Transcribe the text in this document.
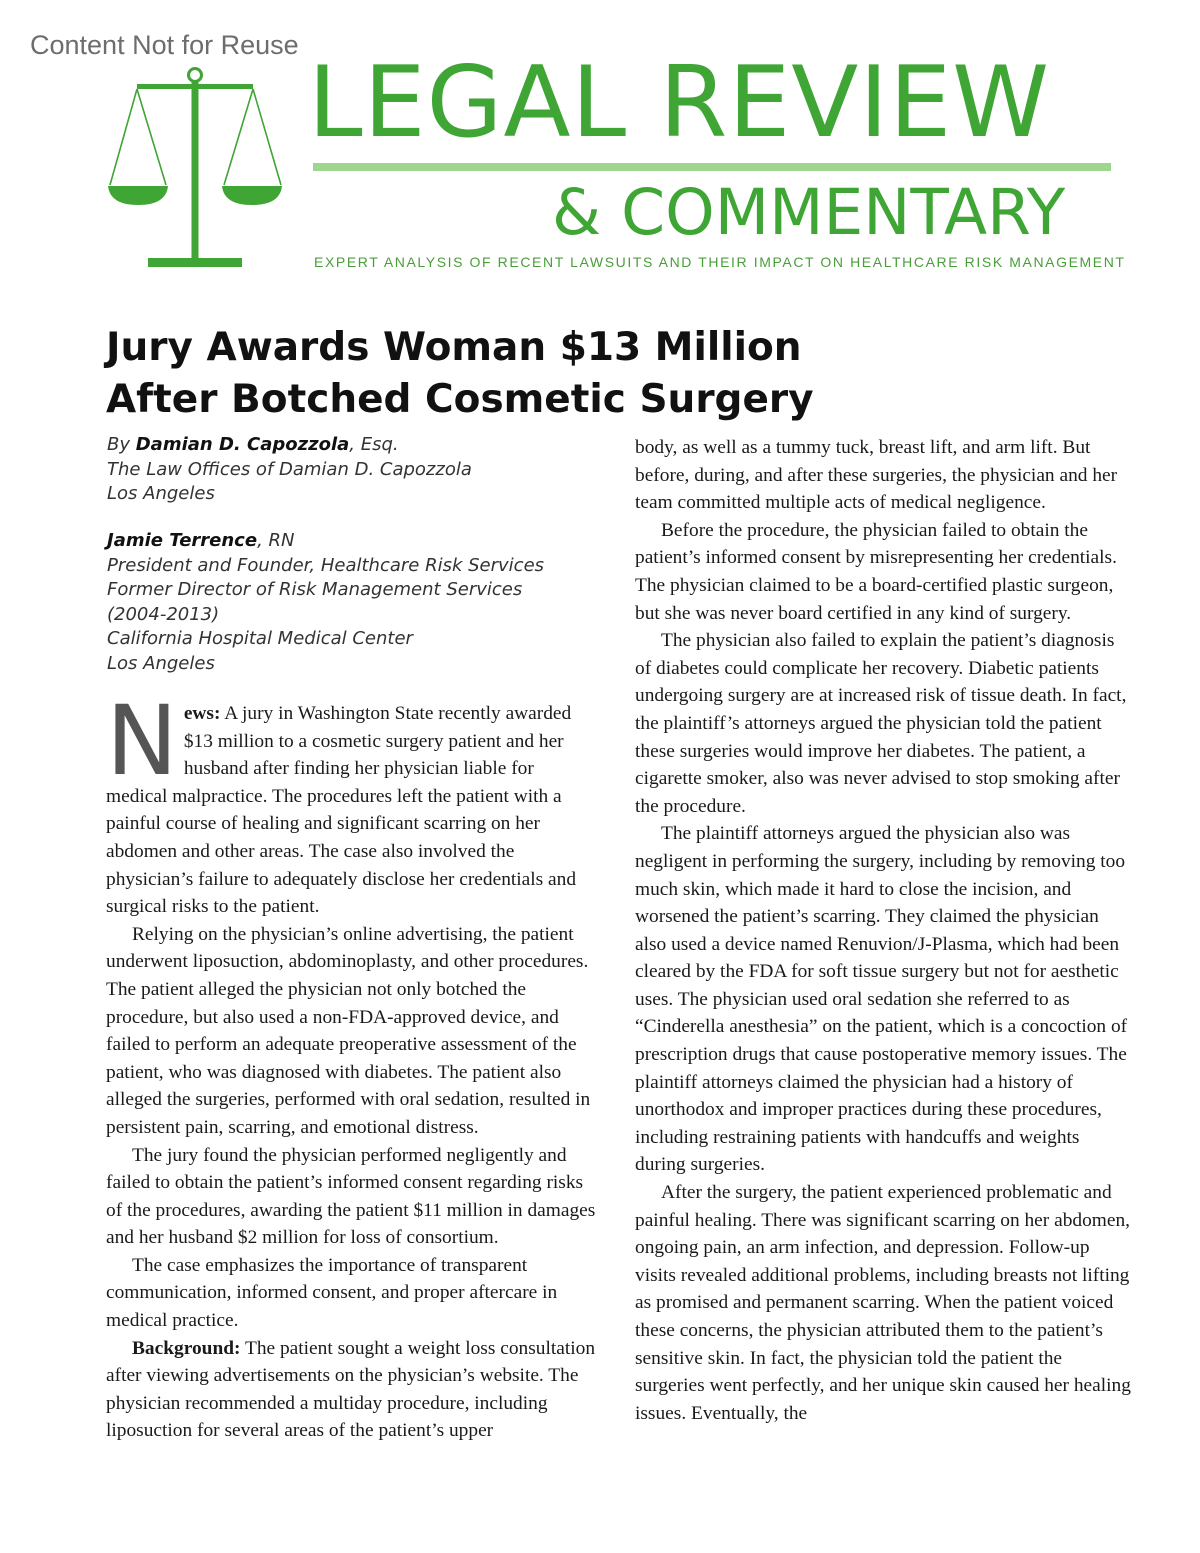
Content Not for Reuse
LEGAL REVIEW
& COMMENTARY
EXPERT ANALYSIS OF RECENT LAWSUITS AND THEIR IMPACT ON HEALTHCARE RISK MANAGEMENT
Jury Awards Woman $13 Million
After Botched Cosmetic Surgery
By Damian D. Capozzola, Esq.
The Law Offices of Damian D. Capozzola
Los Angeles
Jamie Terrence, RN
President and Founder, Healthcare Risk Services
Former Director of Risk Management Services
(2004-2013)
California Hospital Medical Center
Los Angeles

News: A jury in Washington State recently awarded $13 million to a cosmetic surgery patient and her husband after finding her physician liable for medical malpractice. The procedures left the patient with a painful course of healing and significant scarring on her abdomen and other areas. The case also involved the physician’s failure to adequately disclose her credentials and surgical risks to the patient.

Relying on the physician’s online advertising, the patient underwent liposuction, abdominoplasty, and other procedures. The patient alleged the physician not only botched the procedure, but also used a non-FDA-approved device, and failed to perform an adequate preoperative assessment of the patient, who was diagnosed with diabetes. The patient also alleged the surgeries, performed with oral sedation, resulted in persistent pain, scarring, and emotional distress.

The jury found the physician performed negligently and failed to obtain the patient’s informed consent regarding risks of the procedures, awarding the patient $11 million in damages and her husband $2 million for loss of consortium.

The case emphasizes the importance of transparent communication, informed consent, and proper aftercare in medical practice.

Background: The patient sought a weight loss consultation after viewing advertisements on the physician’s website. The physician recommended a multiday procedure, including liposuction for several areas of the patient’s upper

body, as well as a tummy tuck, breast lift, and arm lift. But before, during, and after these surgeries, the physician and her team committed multiple acts of medical negligence.

Before the procedure, the physician failed to obtain the patient’s informed consent by misrepresenting her credentials. The physician claimed to be a board-certified plastic surgeon, but she was never board certified in any kind of surgery.

The physician also failed to explain the patient’s diagnosis of diabetes could complicate her recovery. Diabetic patients undergoing surgery are at increased risk of tissue death. In fact, the plaintiff’s attorneys argued the physician told the patient these surgeries would improve her diabetes. The patient, a cigarette smoker, also was never advised to stop smoking after the procedure.

The plaintiff attorneys argued the physician also was negligent in performing the surgery, including by removing too much skin, which made it hard to close the incision, and worsened the patient’s scarring. They claimed the physician also used a device named Renuvion/J-Plasma, which had been cleared by the FDA for soft tissue surgery but not for aesthetic uses. The physician used oral sedation she referred to as “Cinderella anesthesia” on the patient, which is a concoction of prescription drugs that cause postoperative memory issues. The plaintiff attorneys claimed the physician had a history of unorthodox and improper practices during these procedures, including restraining patients with handcuffs and weights during surgeries.

After the surgery, the patient experienced problematic and painful healing. There was significant scarring on her abdomen, ongoing pain, an arm infection, and depression. Follow-up visits revealed additional problems, including breasts not lifting as promised and permanent scarring. When the patient voiced these concerns, the physician attributed them to the patient’s sensitive skin. In fact, the physician told the patient the surgeries went perfectly, and her unique skin caused her healing issues. Eventually, the
